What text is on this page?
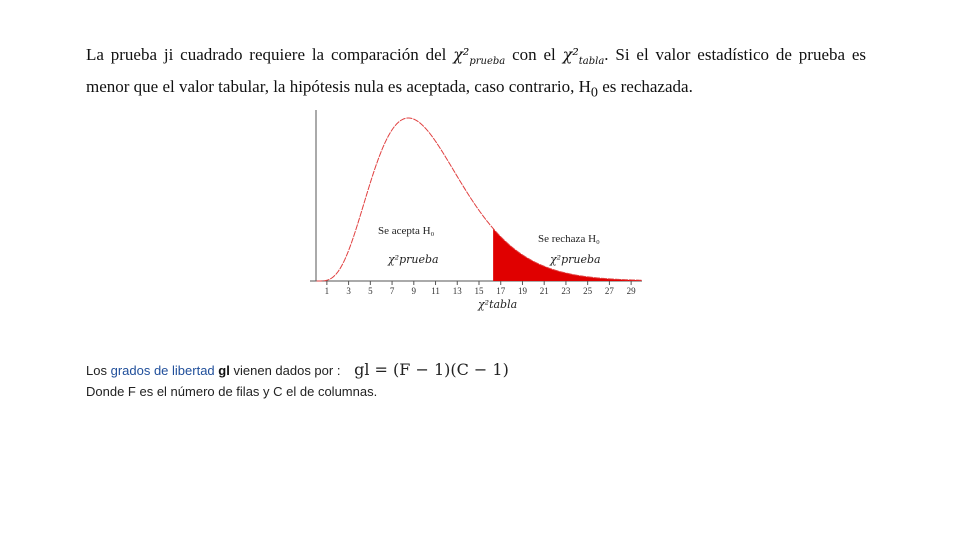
La prueba ji cuadrado requiere la comparación del $\chi^2_{prueba}$ con el $\chi^2_{tabla}$. Si el valor estadístico de prueba es menor que el valor tabular, la hipótesis nula es aceptada, caso contrario, $H_0$ es rechazada.
1 3 5 7 9 11 13 15 17 19 21 23 25 27 29
Se acepta H₀
χ²prueba
Se rechaza H₀
χ²prueba
χ²tabla
Los grados de libertad gl vienen dados por : gl = (F − 1)(C − 1)
Donde F es el número de filas y C el de columnas.
